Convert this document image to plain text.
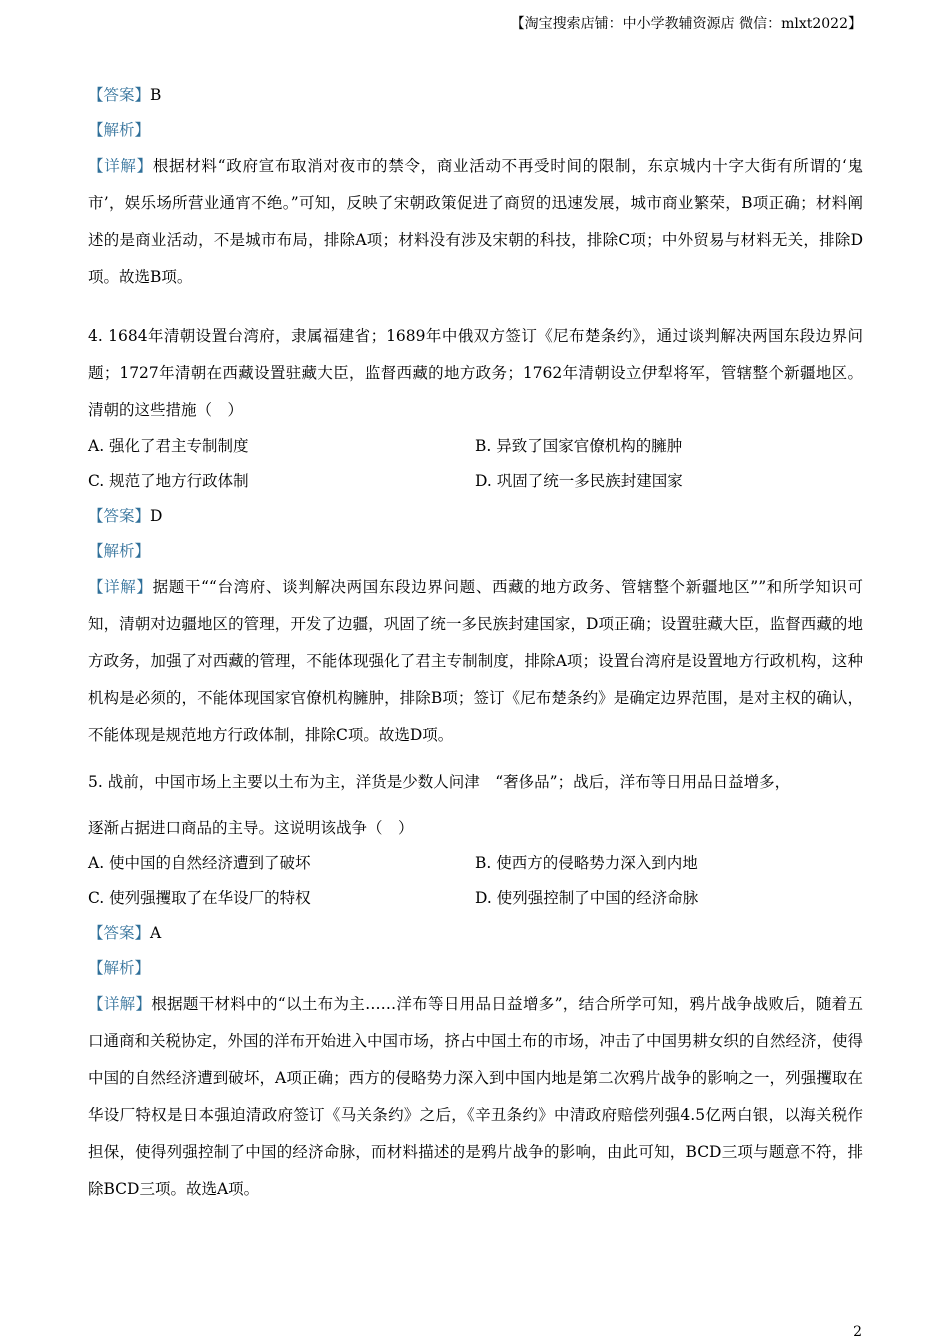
【淘宝搜索店铺：中小学教辅资源店 微信：mlxt2022】
【答案】B
【解析】
【详解】根据材料“政府宣布取消对夜市的禁令，商业活动不再受时间的限制，东京城内十字大街有所谓的‘鬼市’，娱乐场所营业通宵不绝。”可知，反映了宋朝政策促进了商贸的迅速发展，城市商业繁荣，B项正确；材料阐述的是商业活动，不是城市布局，排除A项；材料没有涉及宋朝的科技，排除C项；中外贸易与材料无关，排除D项。故选B项。
4. 1684年清朝设置台湾府，隶属福建省；1689年中俄双方签订《尼布楚条约》，通过谈判解决两国东段边界问题；1727年清朝在西藏设置驻藏大臣，监督西藏的地方政务；1762年清朝设立伊犁将军，管辖整个新疆地区。清朝的这些措施（　）
A. 强化了君主专制制度	B. 异致了国家官僚机构的臃肿
C. 规范了地方行政体制	D. 巩固了统一多民族封建国家
【答案】D
【解析】
【详解】据题干““台湾府、谈判解决两国东段边界问题、西藏的地方政务、管辖整个新疆地区””和所学知识可知，清朝对边疆地区的管理，开发了边疆，巩固了统一多民族封建国家，D项正确；设置驻藏大臣，监督西藏的地方政务，加强了对西藏的管理，不能体现强化了君主专制制度，排除A项；设置台湾府是设置地方行政机构，这种机构是必须的，不能体现国家官僚机构臃肿，排除B项；签订《尼布楚条约》是确定边界范围，是对主权的确认，不能体现是规范地方行政体制，排除C项。故选D项。
5. 战前，中国市场上主要以土布为主，洋货是少数人问津　“奢侈品”；战后，洋布等日用品日益增多，
逐渐占据进口商品的主导。这说明该战争（　）
A. 使中国的自然经济遭到了破坏	B. 使西方的侵略势力深入到内地
C. 使列强攫取了在华设厂的特权	D. 使列强控制了中国的经济命脉
【答案】A
【解析】
【详解】根据题干材料中的“以土布为主……洋布等日用品日益增多”，结合所学可知，鸦片战争战败后，随着五口通商和关税协定，外国的洋布开始进入中国市场，挤占中国土布的市场，冲击了中国男耕女织的自然经济，使得中国的自然经济遭到破坏，A项正确；西方的侵略势力深入到中国内地是第二次鸦片战争的影响之一，列强攫取在华设厂特权是日本强迫清政府签订《马关条约》之后，《辛丑条约》中清政府赔偿列强4.5亿两白银，以海关税作担保，使得列强控制了中国的经济命脉，而材料描述的是鸦片战争的影响，由此可知，BCD三项与题意不符，排除BCD三项。故选A项。
2
